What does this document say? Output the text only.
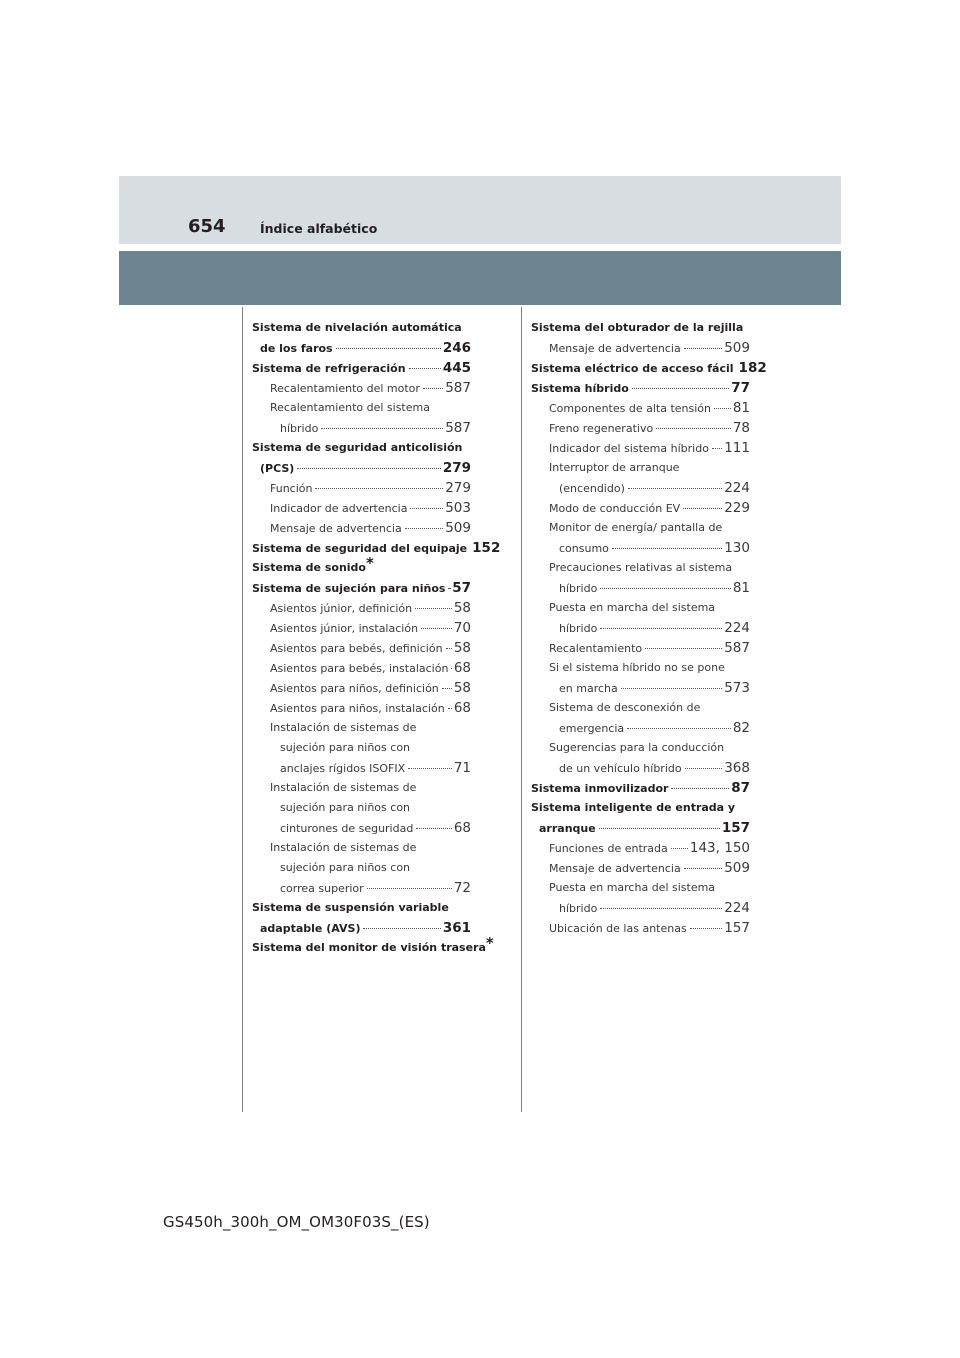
654	Índice alfabético
Sistema de nivelación automática
de los faros	246
Sistema de refrigeración	445
Recalentamiento del motor 587
Recalentamiento del sistema
híbrido	587
Sistema de seguridad anticolisión
(PCS)	279
Función	279
Indicador de advertencia	503
Mensaje de advertencia	509
Sistema de seguridad del equipaje 152
Sistema de sonido*
Sistema de sujeción para niños 57
Asientos júnior, definición	58
Asientos júnior, instalación	70
Asientos para bebés, definición 58
Asientos para bebés, instalación 68
Asientos para niños, definición 58
Asientos para niños, instalación 68
Instalación de sistemas de
sujeción para niños con
anclajes rígidos ISOFIX	71
Instalación de sistemas de
sujeción para niños con
cinturones de seguridad	68
Instalación de sistemas de
sujeción para niños con
correa superior	72
Sistema de suspensión variable
adaptable (AVS)	361
Sistema del monitor de visión trasera*
Sistema del obturador de la rejilla
Mensaje de advertencia	509
Sistema eléctrico de acceso fácil 182
Sistema híbrido	77
Componentes de alta tensión 81
Freno regenerativo	78
Indicador del sistema híbrido 111
Interruptor de arranque
(encendido)	224
Modo de conducción EV	229
Monitor de energía/ pantalla de
consumo	130
Precauciones relativas al sistema
híbrido	81
Puesta en marcha del sistema
híbrido	224
Recalentamiento	587
Si el sistema híbrido no se pone
en marcha	573
Sistema de desconexión de
emergencia	82
Sugerencias para la conducción
de un vehículo híbrido	368
Sistema inmovilizador	87
Sistema inteligente de entrada y
arranque	157
Funciones de entrada 143, 150
Mensaje de advertencia	509
Puesta en marcha del sistema
híbrido	224
Ubicación de las antenas	157
GS450h_300h_OM_OM30F03S_(ES)
